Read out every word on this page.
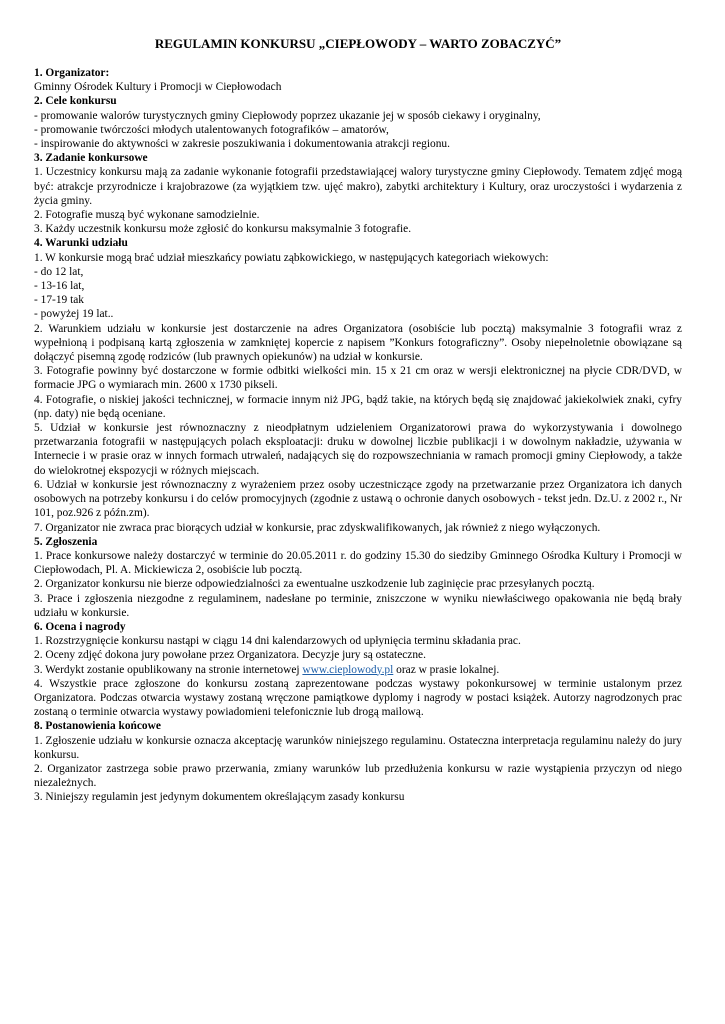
REGULAMIN KONKURSU „CIEPŁOWODY – WARTO ZOBACZYĆ”

1. Organizator:

Gminny Ośrodek Kultury i Promocji w Ciepłowodach

2. Cele konkursu

- promowanie walorów turystycznych gminy Ciepłowody poprzez ukazanie jej w sposób ciekawy i oryginalny,

- promowanie twórczości młodych utalentowanych fotografików – amatorów,

- inspirowanie do aktywności w zakresie poszukiwania i dokumentowania atrakcji regionu.

3. Zadanie konkursowe

1. Uczestnicy konkursu mają za zadanie wykonanie fotografii przedstawiającej walory turystyczne gminy Ciepłowody. Tematem zdjęć mogą być: atrakcje przyrodnicze i krajobrazowe (za wyjątkiem tzw. ujęć makro), zabytki architektury i Kultury, oraz uroczystości i wydarzenia z życia gminy.

2. Fotografie muszą być wykonane samodzielnie.

3. Każdy uczestnik konkursu może zgłosić do konkursu maksymalnie 3 fotografie.

4. Warunki udziału

1. W konkursie mogą brać udział mieszkańcy powiatu ząbkowickiego, w następujących kategoriach wiekowych:

- do 12 lat,

- 13-16 lat,

- 17-19 tak

- powyżej 19 lat..

2. Warunkiem udziału w konkursie jest dostarczenie na adres Organizatora (osobiście lub pocztą) maksymalnie 3 fotografii wraz z wypełnioną i podpisaną kartą zgłoszenia w zamkniętej kopercie z napisem ”Konkurs fotograficzny”. Osoby niepełnoletnie obowiązane są dołączyć pisemną zgodę rodziców (lub prawnych opiekunów) na udział w konkursie.

3. Fotografie powinny być dostarczone w formie odbitki wielkości min. 15 x 21 cm oraz w wersji elektronicznej na płycie CDR/DVD, w formacie JPG o wymiarach min. 2600 x 1730 pikseli.

4. Fotografie, o niskiej jakości technicznej, w formacie innym niż JPG, bądź takie, na których będą się znajdować jakiekolwiek znaki, cyfry (np. daty) nie będą oceniane.

5. Udział w konkursie jest równoznaczny z nieodpłatnym udzieleniem Organizatorowi prawa do wykorzystywania i dowolnego przetwarzania fotografii w następujących polach eksploatacji: druku w dowolnej liczbie publikacji i w dowolnym nakładzie, używania w Internecie i w prasie oraz w innych formach utrwaleń, nadających się do rozpowszechniania w ramach promocji gminy Ciepłowody, a także do wielokrotnej ekspozycji w różnych miejscach.

6. Udział w konkursie jest równoznaczny z wyrażeniem przez osoby uczestniczące zgody na przetwarzanie przez Organizatora ich danych osobowych na potrzeby konkursu i do celów promocyjnych (zgodnie z ustawą o ochronie danych osobowych - tekst jedn. Dz.U. z 2002 r., Nr 101, poz.926 z późn.zm).

7. Organizator nie zwraca prac biorących udział w konkursie, prac zdyskwalifikowanych, jak również z niego wyłączonych.

5. Zgłoszenia

1. Prace konkursowe należy dostarczyć w terminie do 20.05.2011 r. do godziny 15.30 do siedziby Gminnego Ośrodka Kultury i Promocji w Ciepłowodach, Pl. A. Mickiewicza 2, osobiście lub pocztą.

2. Organizator konkursu nie bierze odpowiedzialności za ewentualne uszkodzenie lub zaginięcie prac przesyłanych pocztą.

3. Prace i zgłoszenia niezgodne z regulaminem, nadesłane po terminie, zniszczone w wyniku niewłaściwego opakowania nie będą brały udziału w konkursie.

6. Ocena i nagrody

1. Rozstrzygnięcie konkursu nastąpi w ciągu 14 dni kalendarzowych od upłynięcia terminu składania prac.

2. Oceny zdjęć dokona jury powołane przez Organizatora. Decyzje jury są ostateczne.

3. Werdykt zostanie opublikowany na stronie internetowej www.cieplowody.pl oraz w prasie lokalnej.

4. Wszystkie prace zgłoszone do konkursu zostaną zaprezentowane podczas wystawy pokonkursowej w terminie ustalonym przez Organizatora. Podczas otwarcia wystawy zostaną wręczone pamiątkowe dyplomy i nagrody w postaci książek. Autorzy nagrodzonych prac zostaną o terminie otwarcia wystawy powiadomieni telefonicznie lub drogą mailową.

8. Postanowienia końcowe

1. Zgłoszenie udziału w konkursie oznacza akceptację warunków niniejszego regulaminu. Ostateczna interpretacja regulaminu należy do jury konkursu.

2. Organizator zastrzega sobie prawo przerwania, zmiany warunków lub przedłużenia konkursu w razie wystąpienia przyczyn od niego niezależnych.

3. Niniejszy regulamin jest jedynym dokumentem określającym zasady konkursu
